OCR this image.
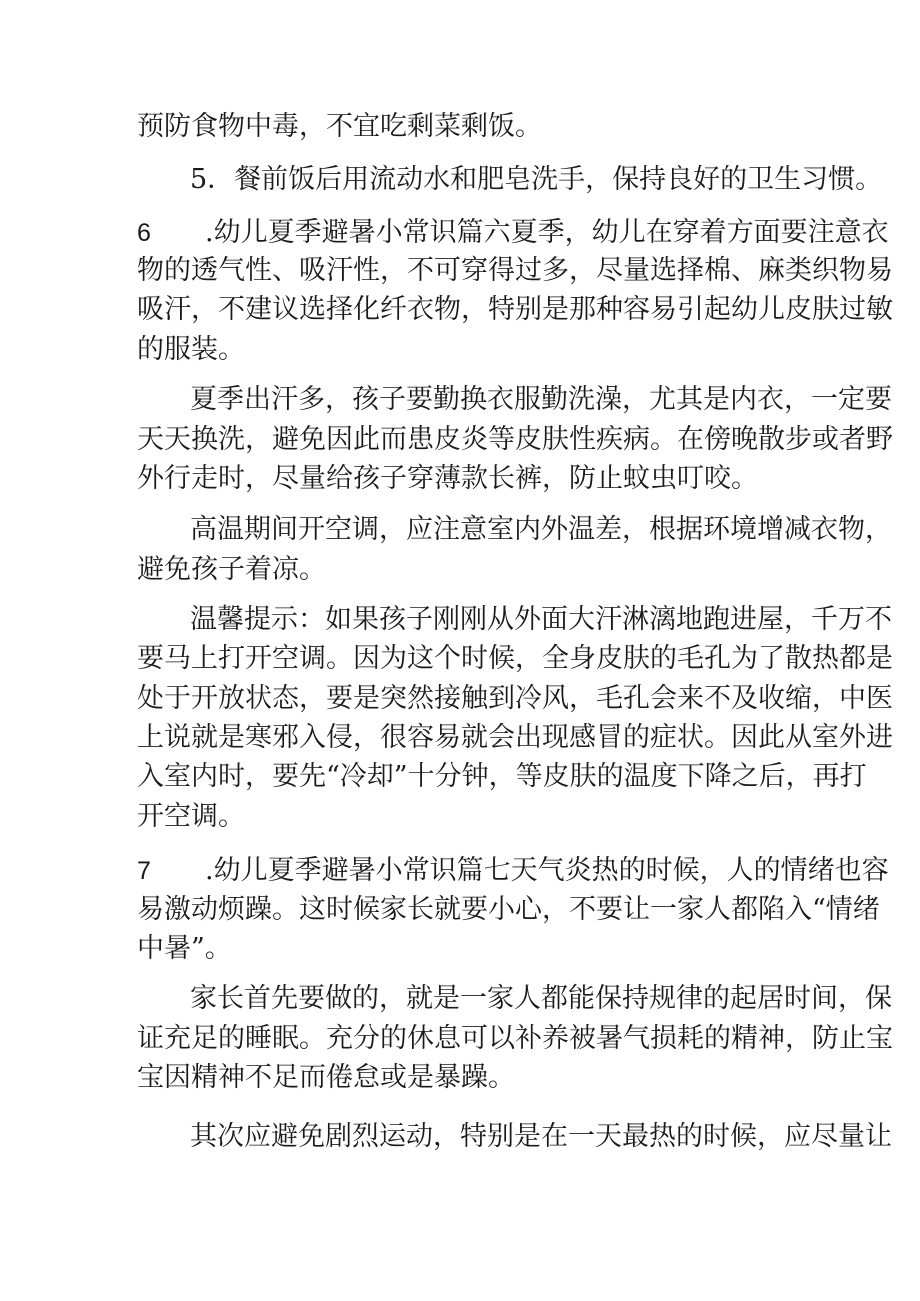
预防食物中毒，不宜吃剩菜剩饭。
5．餐前饭后用流动水和肥皂洗手，保持良好的卫生习惯。
6 .幼儿夏季避暑小常识篇六夏季，幼儿在穿着方面要注意衣
物的透气性、吸汗性，不可穿得过多，尽量选择棉、麻类织物易
吸汗，不建议选择化纤衣物，特别是那种容易引起幼儿皮肤过敏
的服装。
夏季出汗多，孩子要勤换衣服勤洗澡，尤其是内衣，一定要
天天换洗，避免因此而患皮炎等皮肤性疾病。在傍晚散步或者野
外行走时，尽量给孩子穿薄款长裤，防止蚊虫叮咬。
高温期间开空调，应注意室内外温差，根据环境增减衣物，
避免孩子着凉。
温馨提示：如果孩子刚刚从外面大汗淋漓地跑进屋，千万不
要马上打开空调。因为这个时候，全身皮肤的毛孔为了散热都是
处于开放状态，要是突然接触到冷风，毛孔会来不及收缩，中医
上说就是寒邪入侵，很容易就会出现感冒的症状。因此从室外进
入室内时，要先“冷却”十分钟，等皮肤的温度下降之后，再打
开空调。
7 .幼儿夏季避暑小常识篇七天气炎热的时候，人的情绪也容
易激动烦躁。这时候家长就要小心，不要让一家人都陷入“情绪
中暑”。
家长首先要做的，就是一家人都能保持规律的起居时间，保
证充足的睡眠。充分的休息可以补养被暑气损耗的精神，防止宝
宝因精神不足而倦怠或是暴躁。
其次应避免剧烈运动，特别是在一天最热的时候，应尽量让
